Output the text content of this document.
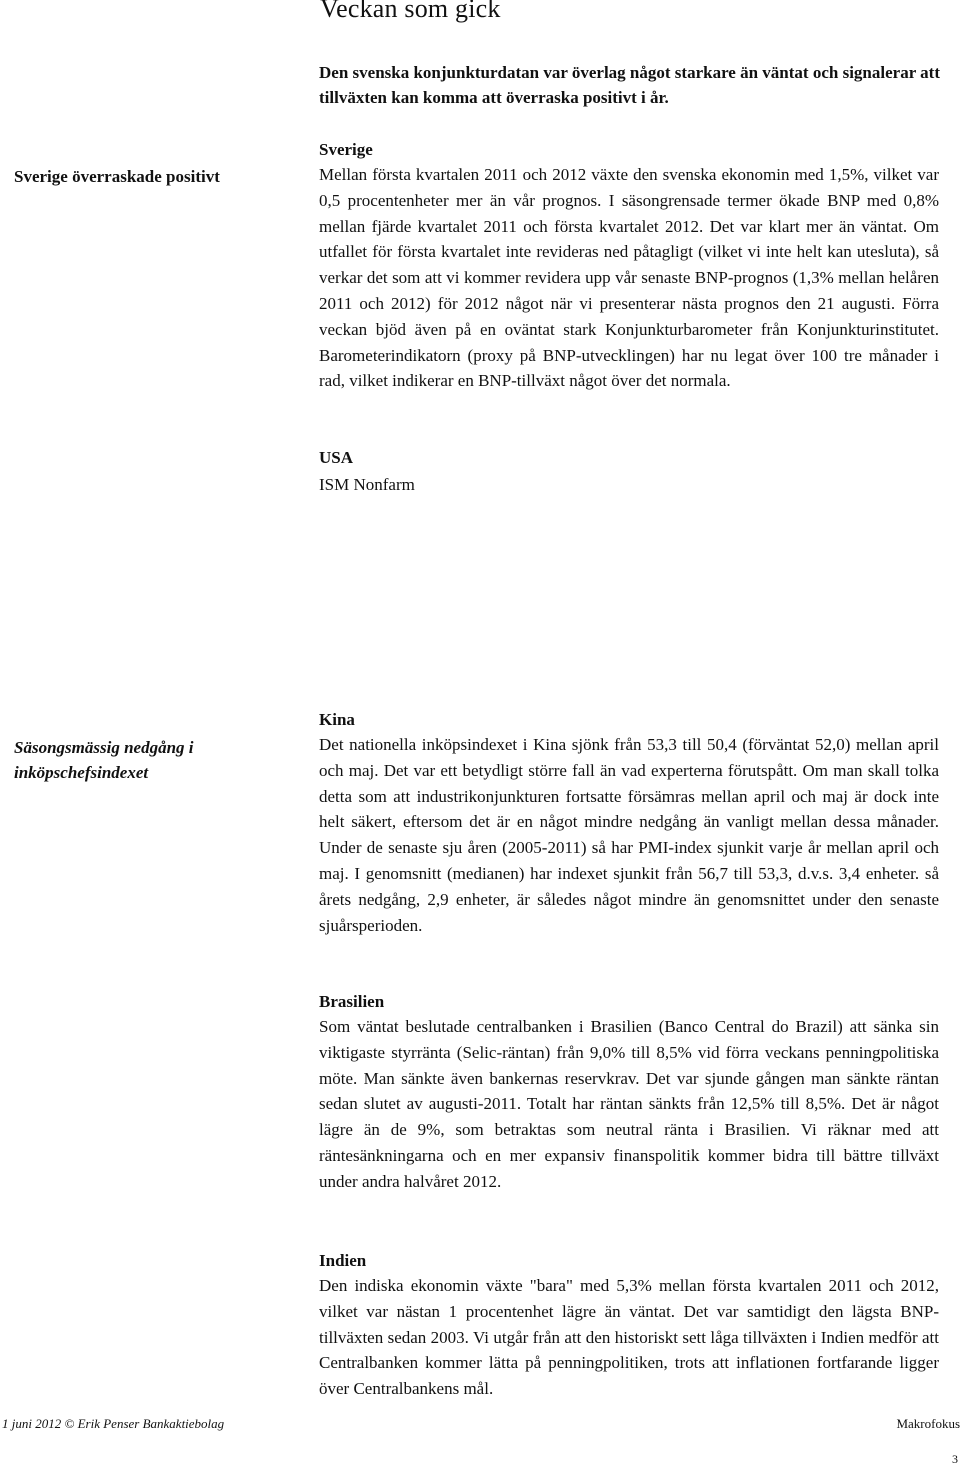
Veckan som gick
Den svenska konjunkturdatan var överlag något starkare än väntat och signalerar att tillväxten kan komma att överraska positivt i år.
Sverige överraskade positivt
Sverige

Mellan första kvartalen 2011 och 2012 växte den svenska ekonomin med 1,5%, vilket var 0,5 procentenheter mer än vår prognos. I säsongrensade termer ökade BNP med 0,8% mellan fjärde kvartalet 2011 och första kvartalet 2012. Det var klart mer än väntat. Om utfallet för första kvartalet inte revideras ned påtagligt (vilket vi inte helt kan utesluta), så verkar det som att vi kommer revidera upp vår senaste BNP-prognos (1,3% mellan helåren 2011 och 2012) för 2012 något när vi presenterar nästa prognos den 21 augusti. Förra veckan bjöd även på en oväntat stark Konjunkturbarometer från Konjunkturinstitutet. Barometerindikatorn (proxy på BNP-utvecklingen) har nu legat över 100 tre månader i rad, vilket indikerar en BNP-tillväxt något över det normala.

USA
ISM Nonfarm
Säsongsmässig nedgång i inköpschefsindexet
Kina

Det nationella inköpsindexet i Kina sjönk från 53,3 till 50,4 (förväntat 52,0) mellan april och maj. Det var ett betydligt större fall än vad experterna förutspått. Om man skall tolka detta som att industrikonjunkturen fortsatte försämras mellan april och maj är dock inte helt säkert, eftersom det är en något mindre nedgång än vanligt mellan dessa månader. Under de senaste sju åren (2005-2011) så har PMI-index sjunkit varje år mellan april och maj. I genomsnitt (medianen) har indexet sjunkit från 56,7 till 53,3, d.v.s. 3,4 enheter. så årets nedgång, 2,9 enheter, är således något mindre än genomsnittet under den senaste sjuårsperioden.

Brasilien

Som väntat beslutade centralbanken i Brasilien (Banco Central do Brazil) att sänka sin viktigaste styrränta (Selic-räntan) från 9,0% till 8,5% vid förra veckans penningpolitiska möte. Man sänkte även bankernas reservkrav. Det var sjunde gången man sänkte räntan sedan slutet av augusti-2011. Totalt har räntan sänkts från 12,5% till 8,5%. Det är något lägre än de 9%, som betraktas som neutral ränta i Brasilien. Vi räknar med att räntesänkningarna och en mer expansiv finanspolitik kommer bidra till bättre tillväxt under andra halvåret 2012.

Indien

Den indiska ekonomin växte "bara" med 5,3% mellan första kvartalen 2011 och 2012, vilket var nästan 1 procentenhet lägre än väntat. Det var samtidigt den lägsta BNP-tillväxten sedan 2003. Vi utgår från att den historiskt sett låga tillväxten i Indien medför att Centralbanken kommer lätta på penningpolitiken, trots att inflationen fortfarande ligger över Centralbankens mål.

1 juni 2012 © Erik Penser Bankaktiebolag	Makrofokus
3
